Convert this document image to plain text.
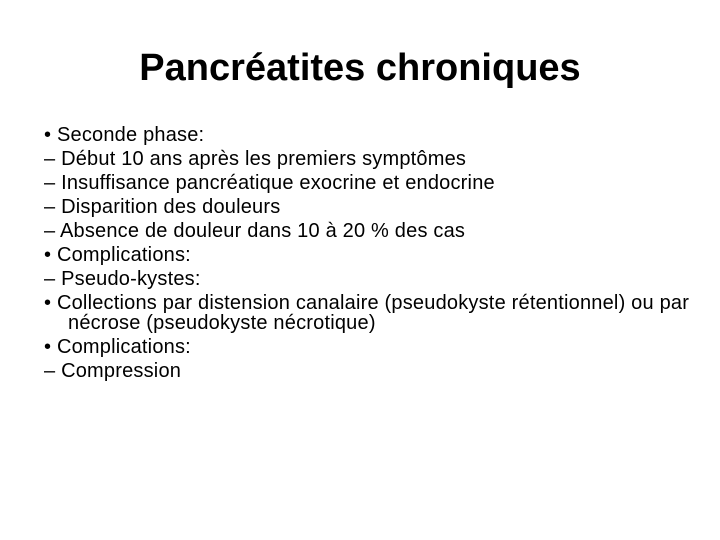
Pancréatites chroniques
• Seconde phase:
– Début 10 ans après les premiers symptômes
– Insuffisance pancréatique exocrine et endocrine
– Disparition des douleurs
– Absence de douleur dans 10 à 20 % des cas
• Complications:
– Pseudo-kystes:
• Collections par distension canalaire (pseudokyste rétentionnel) ou par nécrose (pseudokyste nécrotique)
• Complications:
– Compression
